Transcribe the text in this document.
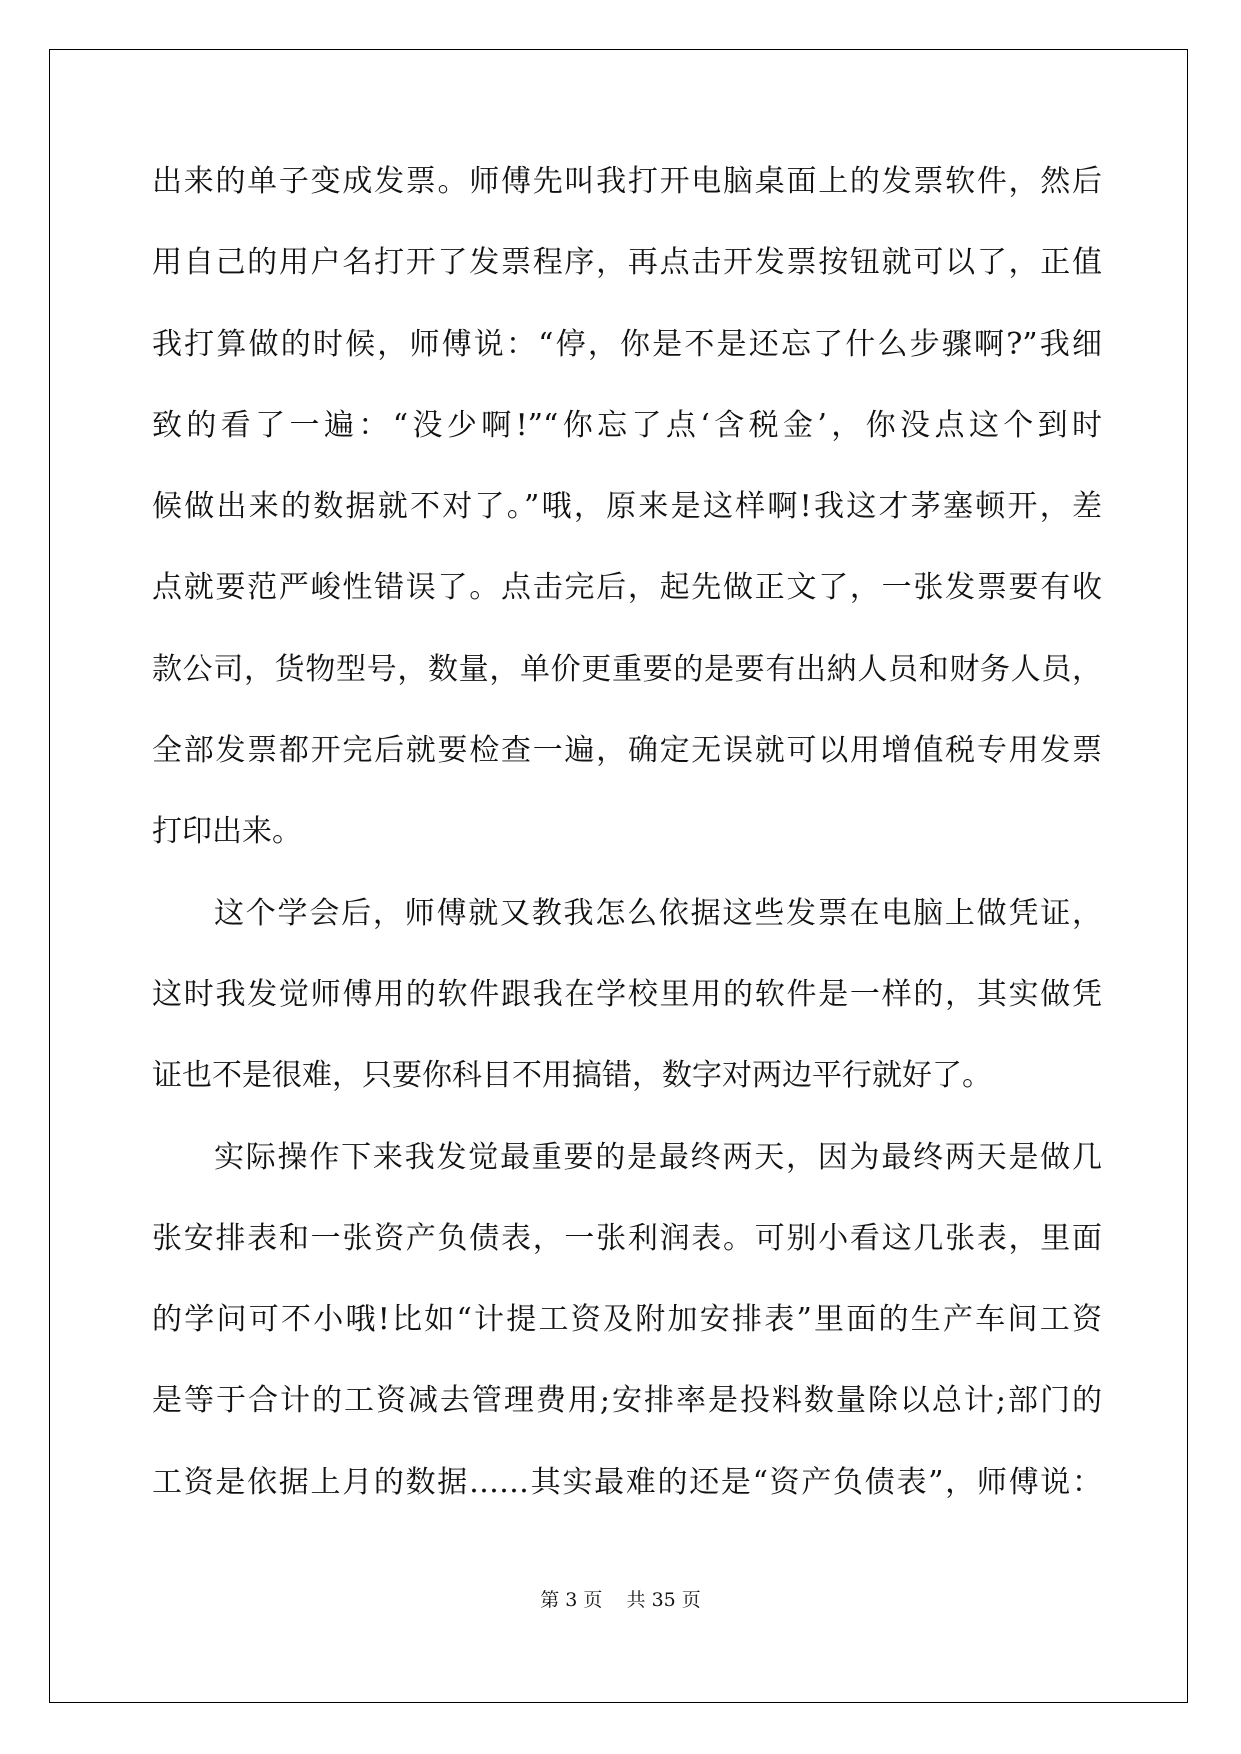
出来的单子变成发票。师傅先叫我打开电脑桌面上的发票软件，然后

用自己的用户名打开了发票程序，再点击开发票按钮就可以了，正值

我打算做的时候，师傅说：“停，你是不是还忘了什么步骤啊?”我细

致的看了一遍：“没少啊!”“你忘了点‘含税金’，你没点这个到时

候做出来的数据就不对了。”哦，原来是这样啊!我这才茅塞顿开，差

点就要范严峻性错误了。点击完后，起先做正文了，一张发票要有收

款公司，货物型号，数量，单价更重要的是要有出納人员和财务人员，

全部发票都开完后就要检查一遍，确定无误就可以用增值税专用发票

打印出来。

这个学会后，师傅就又教我怎么依据这些发票在电脑上做凭证，

这时我发觉师傅用的软件跟我在学校里用的软件是一样的，其实做凭

证也不是很难，只要你科目不用搞错，数字对两边平行就好了。

实际操作下来我发觉最重要的是最终两天，因为最终两天是做几

张安排表和一张资产负债表，一张利润表。可别小看这几张表，里面

的学问可不小哦!比如“计提工资及附加安排表”里面的生产车间工资

是等于合计的工资减去管理费用;安排率是投料数量除以总计;部门的

工资是依据上月的数据……其实最难的还是“资产负债表”，师傅说：

第 3 页    共 35 页
